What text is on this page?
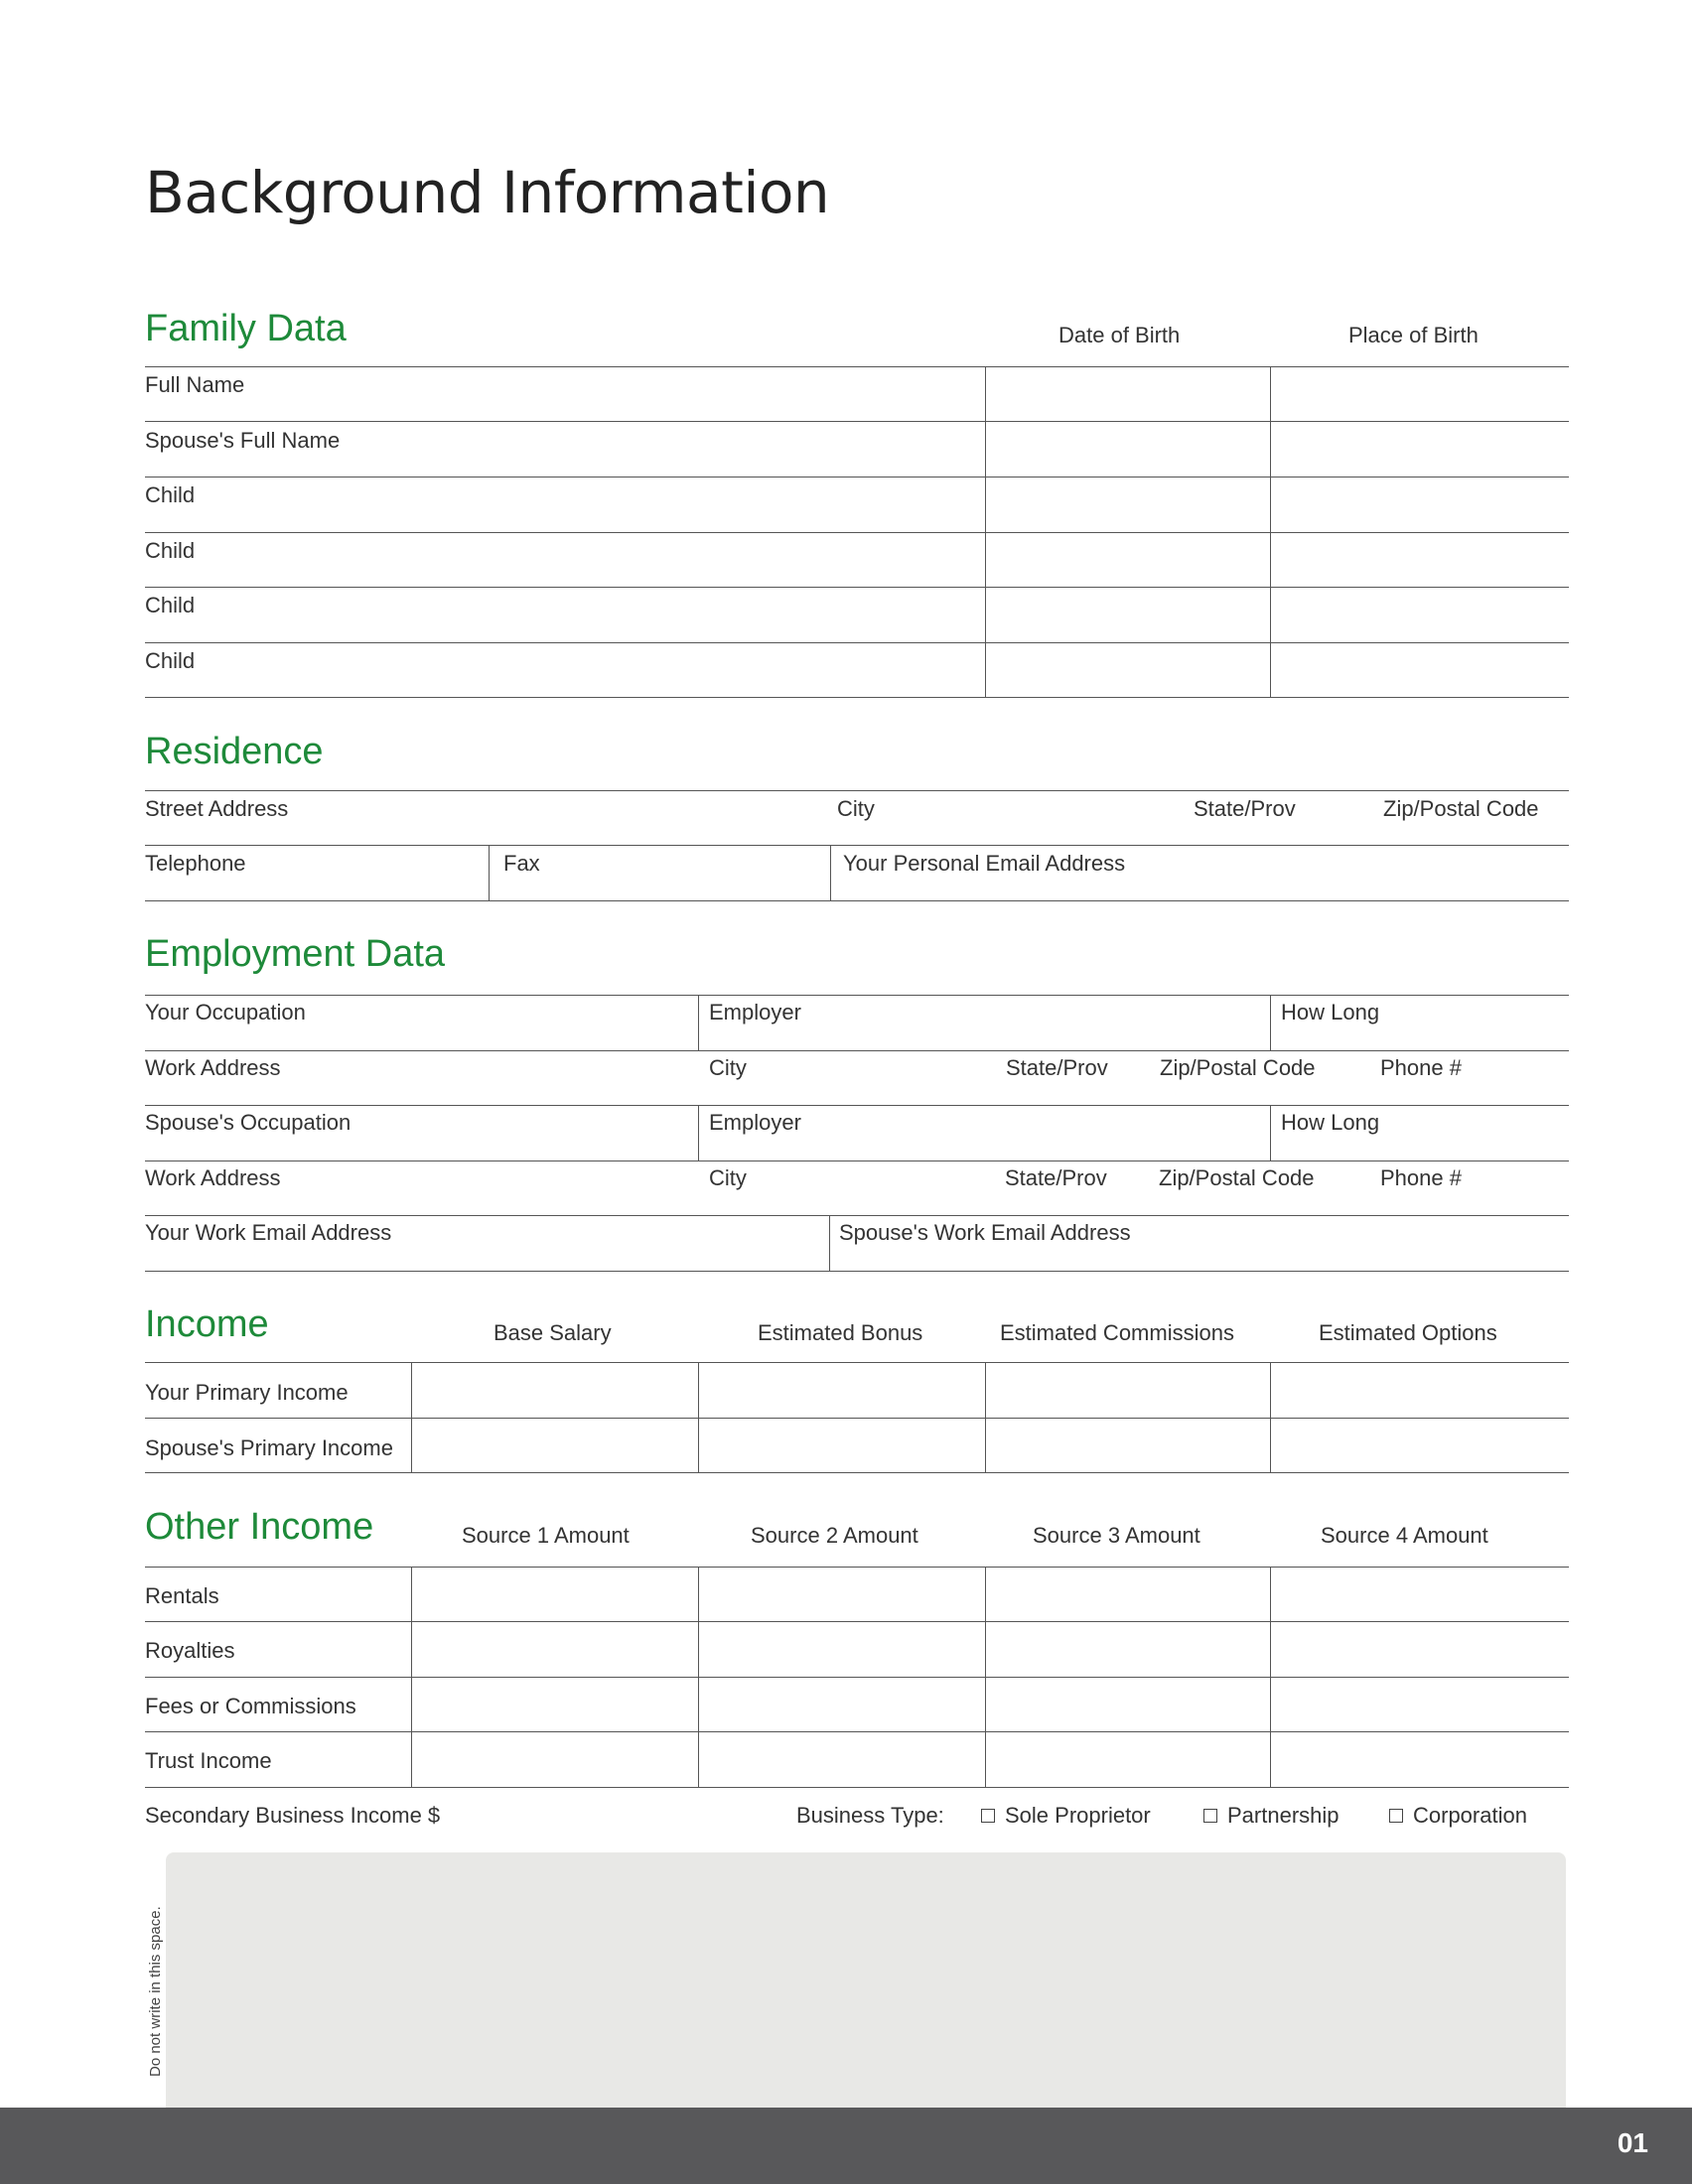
Background Information
Family Data	Date of Birth	Place of Birth
Full Name
Spouse's Full Name
Child
Child
Child
Child
Residence
Street Address	City	State/Prov	Zip/Postal Code
Telephone	Fax	Your Personal Email Address
Employment Data
Your Occupation	Employer	How Long
Work Address	City	State/Prov Zip/Postal Code	Phone #
Spouse's Occupation	Employer	How Long
Work Address	City	State/Prov Zip/Postal Code	Phone #
Your Work Email Address	Spouse's Work Email Address
Income	Base Salary	Estimated Bonus	Estimated Commissions	Estimated Options
Your Primary Income
Spouse's Primary Income
Other Income	Source 1 Amount	Source 2 Amount	Source 3 Amount	Source 4 Amount
Rentals
Royalties
Fees or Commissions
Trust Income
Secondary Business Income $	Business Type:	Sole Proprietor	Partnership	Corporation
Do not write in this space.
01
